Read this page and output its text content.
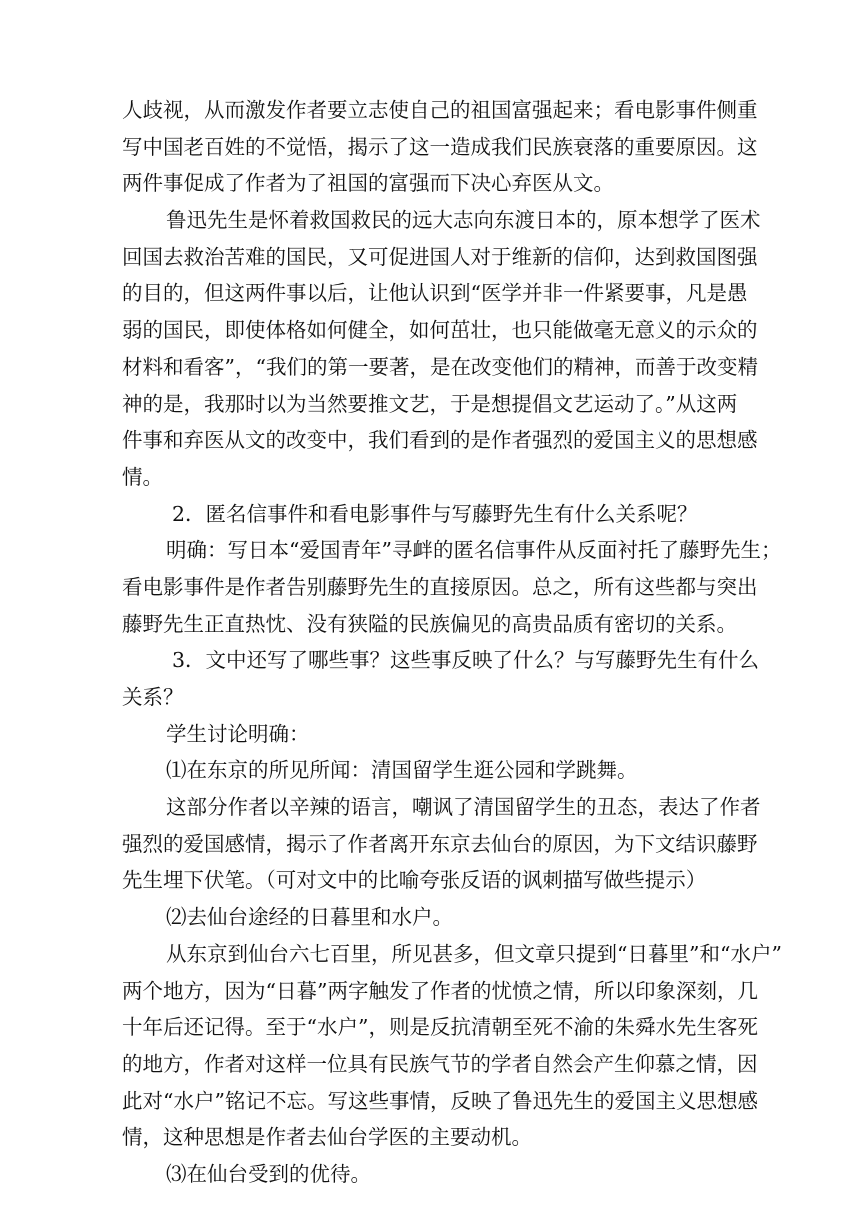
人歧视，从而激发作者要立志使自己的祖国富强起来；看电影事件侧重
写中国老百姓的不觉悟，揭示了这一造成我们民族衰落的重要原因。这
两件事促成了作者为了祖国的富强而下决心弃医从文。
鲁迅先生是怀着救国救民的远大志向东渡日本的，原本想学了医术
回国去救治苦难的国民，又可促进国人对于维新的信仰，达到救国图强
的目的，但这两件事以后，让他认识到“医学并非一件紧要事，凡是愚
弱的国民，即使体格如何健全，如何茁壮，也只能做毫无意义的示众的
材料和看客”，“我们的第一要著，是在改变他们的精神，而善于改变精
神的是，我那时以为当然要推文艺，于是想提倡文艺运动了。”从这两
件事和弃医从文的改变中，我们看到的是作者强烈的爱国主义的思想感
情。
2．匿名信事件和看电影事件与写藤野先生有什么关系呢？
明确：写日本“爱国青年”寻衅的匿名信事件从反面衬托了藤野先生；
看电影事件是作者告别藤野先生的直接原因。总之，所有这些都与突出
藤野先生正直热忱、没有狭隘的民族偏见的高贵品质有密切的关系。
3．文中还写了哪些事？这些事反映了什么？与写藤野先生有什么
关系？
学生讨论明确：
⑴在东京的所见所闻：清国留学生逛公园和学跳舞。
这部分作者以辛辣的语言，嘲讽了清国留学生的丑态，表达了作者
强烈的爱国感情，揭示了作者离开东京去仙台的原因，为下文结识藤野
先生埋下伏笔。（可对文中的比喻夸张反语的讽刺描写做些提示）
⑵去仙台途经的日暮里和水户。
从东京到仙台六七百里，所见甚多，但文章只提到“日暮里”和“水户”
两个地方，因为“日暮”两字触发了作者的忧愤之情，所以印象深刻，几
十年后还记得。至于“水户”，则是反抗清朝至死不渝的朱舜水先生客死
的地方，作者对这样一位具有民族气节的学者自然会产生仰慕之情，因
此对“水户”铭记不忘。写这些事情，反映了鲁迅先生的爱国主义思想感
情，这种思想是作者去仙台学医的主要动机。
⑶在仙台受到的优待。
